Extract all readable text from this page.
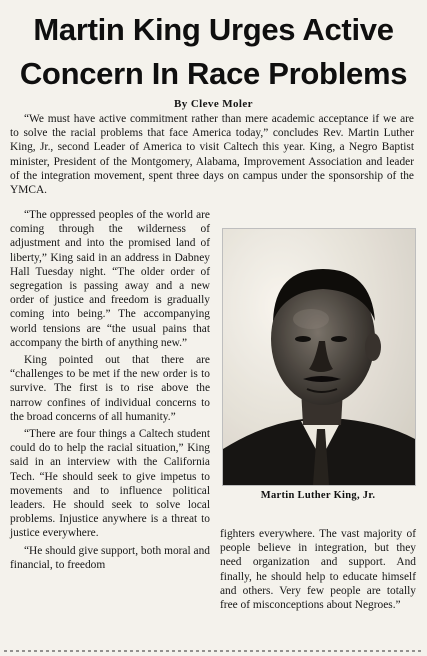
Martin King Urges Active
Concern In Race Problems
By Cleve Moler

“We must have active commitment rather than mere academic acceptance if we are to solve the racial problems that face America today,” concludes Rev. Martin Luther King, Jr., second Leader of America to visit Caltech this year. King, a Negro Baptist minister, President of the Montgomery, Alabama, Improvement Association and leader of the integration movement, spent three days on campus under the sponsorship of the YMCA.

“The oppressed peoples of the world are coming through the wilderness of adjustment and into the promised land of liberty,” King said in an address in Dabney Hall Tuesday night. “The older order of segregation is passing away and a new order of justice and freedom is gradually coming into being.” The accompanying world tensions are “the usual pains that accompany the birth of anything new.”

King pointed out that there are “challenges to be met if the new order is to survive. The first is to rise above the narrow confines of individual concerns to the broad concerns of all humanity.”

“There are four things a Caltech student could do to help the racial situation,” King said in an interview with the California Tech. “He should seek to give impetus to movements and to influence political leaders. He should seek to solve local problems. Injustice anywhere is a threat to justice everywhere.

“He should give support, both moral and financial, to freedom

Martin Luther King, Jr.

fighters everywhere. The vast majority of people believe in integration, but they need organization and support. And finally, he should help to educate himself and others. Very few people are totally free of misconceptions about Negroes.”
